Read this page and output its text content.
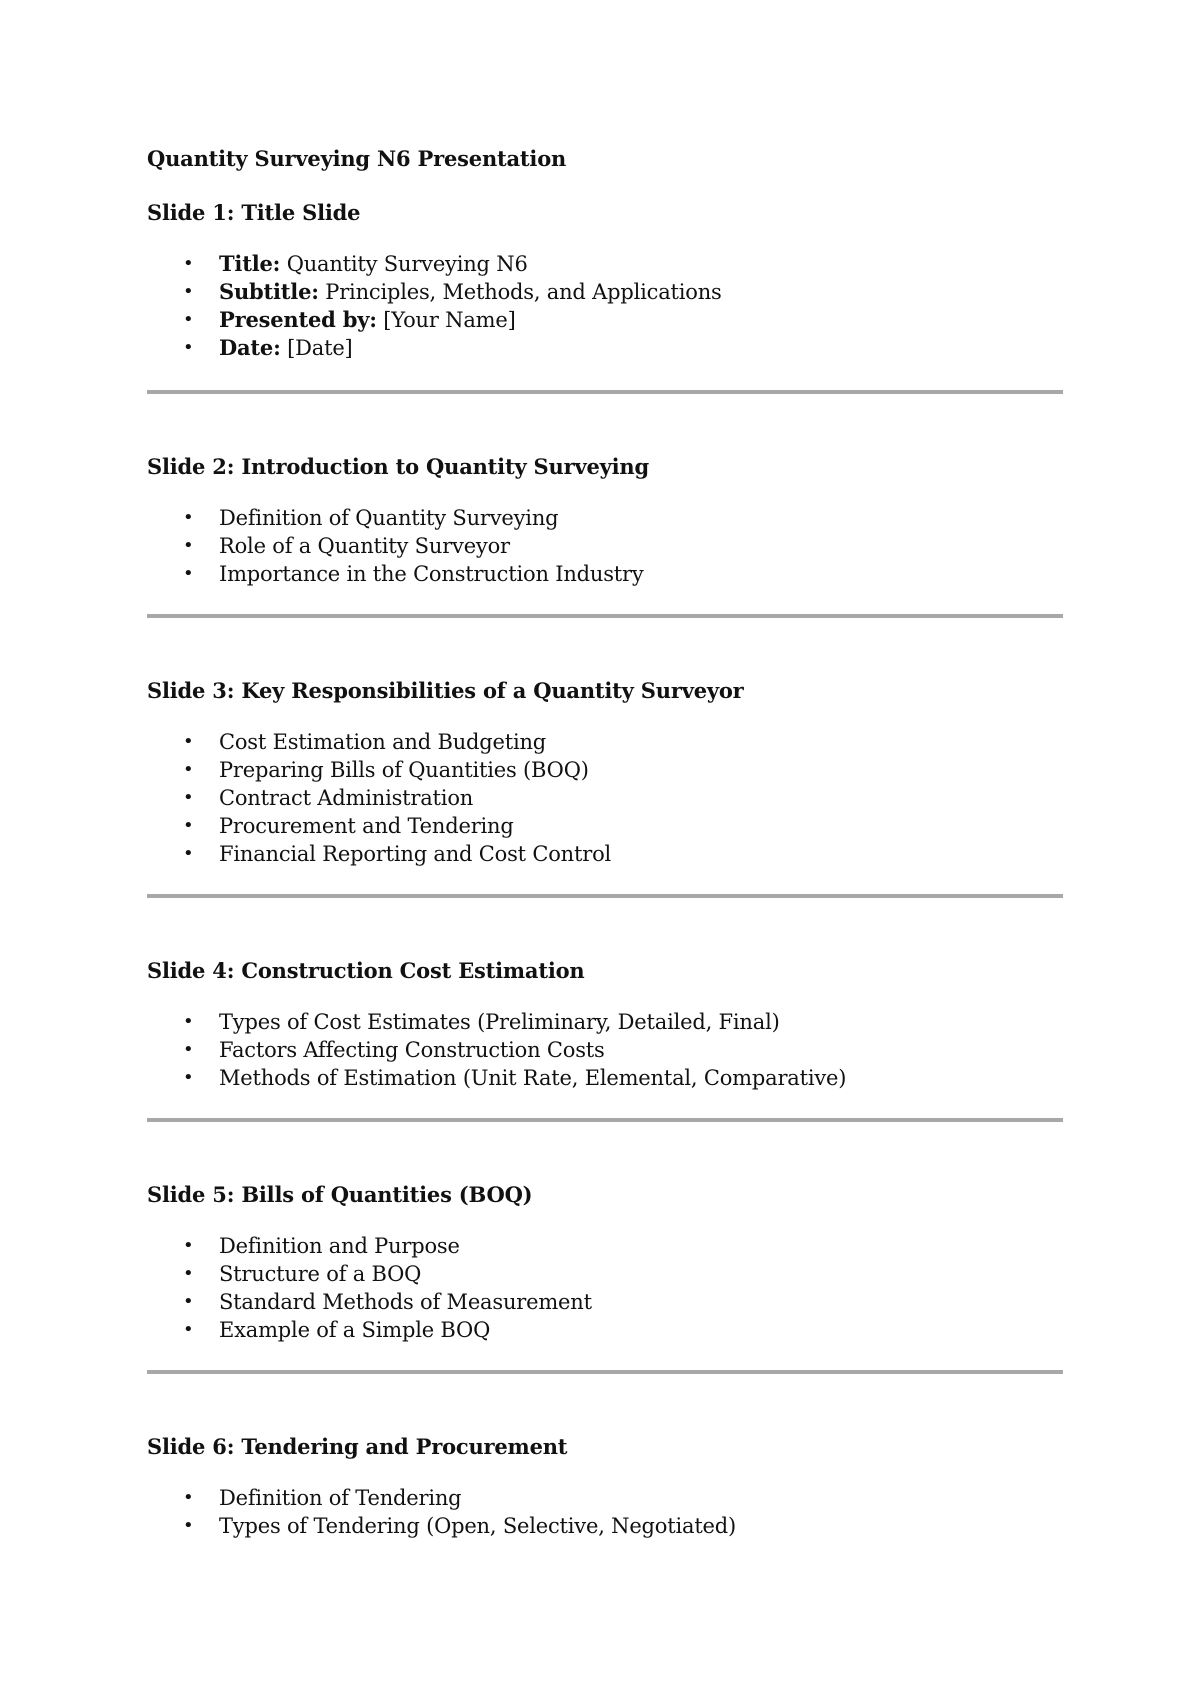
Quantity Surveying N6 Presentation
Slide 1: Title Slide
• Title: Quantity Surveying N6
• Subtitle: Principles, Methods, and Applications
• Presented by: [Your Name]
• Date: [Date]
Slide 2: Introduction to Quantity Surveying
• Definition of Quantity Surveying
• Role of a Quantity Surveyor
• Importance in the Construction Industry
Slide 3: Key Responsibilities of a Quantity Surveyor
• Cost Estimation and Budgeting
• Preparing Bills of Quantities (BOQ)
• Contract Administration
• Procurement and Tendering
• Financial Reporting and Cost Control
Slide 4: Construction Cost Estimation
• Types of Cost Estimates (Preliminary, Detailed, Final)
• Factors Affecting Construction Costs
• Methods of Estimation (Unit Rate, Elemental, Comparative)
Slide 5: Bills of Quantities (BOQ)
• Definition and Purpose
• Structure of a BOQ
• Standard Methods of Measurement
• Example of a Simple BOQ
Slide 6: Tendering and Procurement
• Definition of Tendering
• Types of Tendering (Open, Selective, Negotiated)
